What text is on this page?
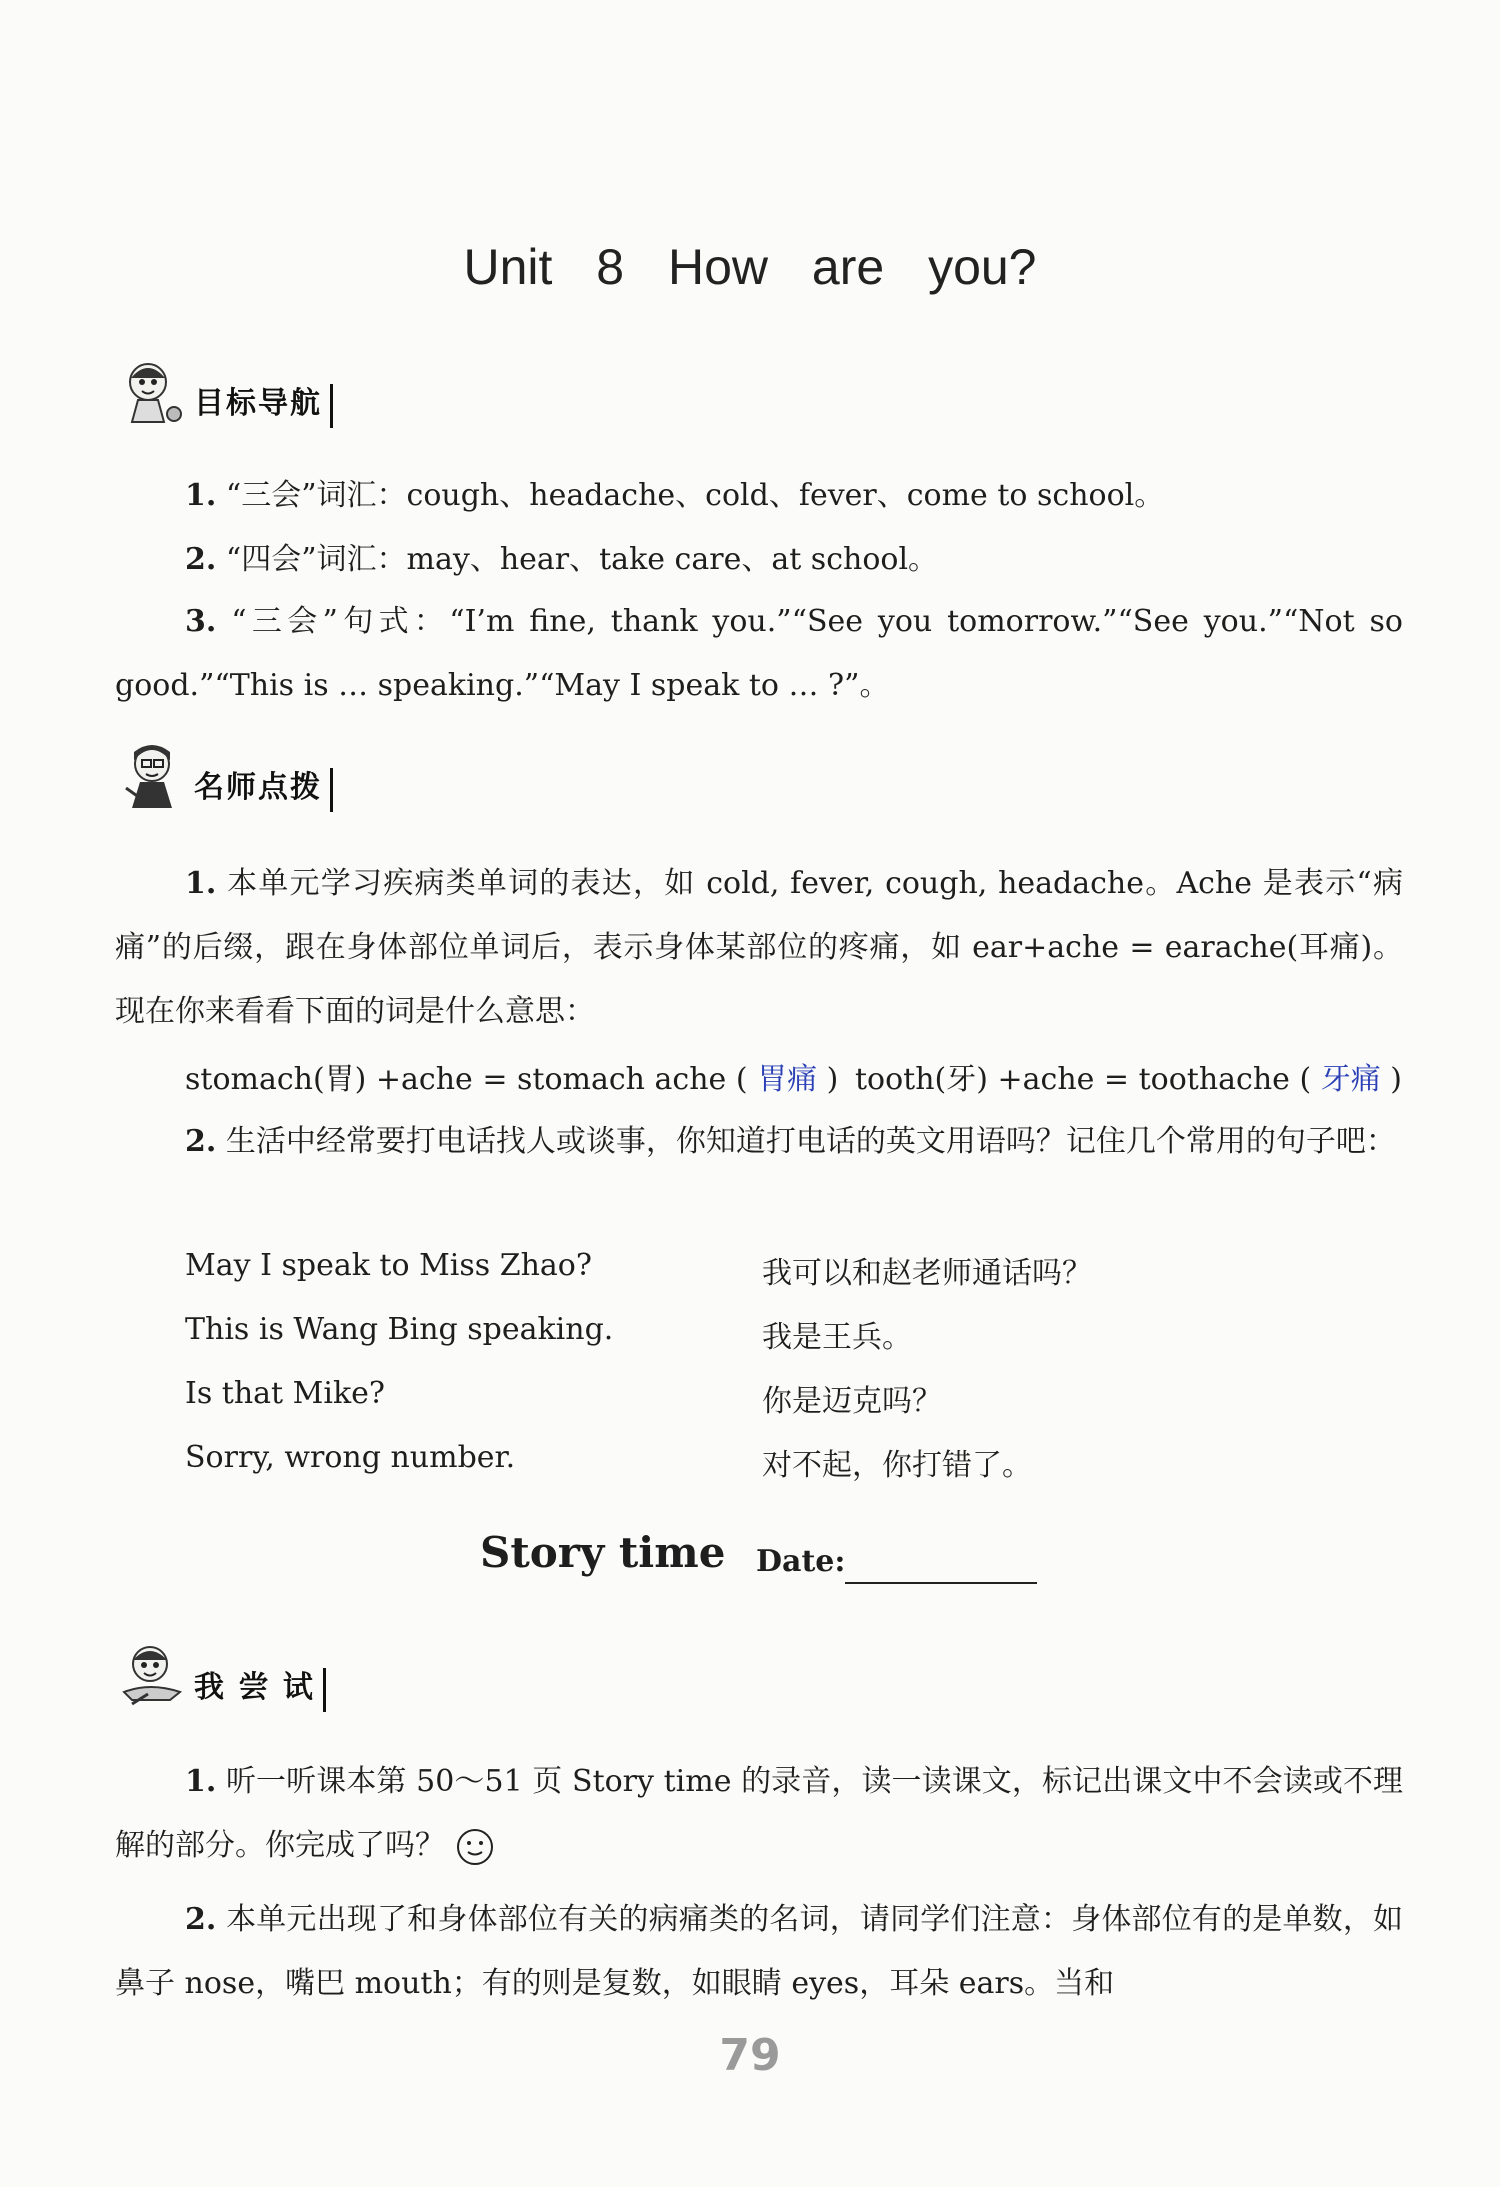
Unit 8 How are you?
目标导航
1. “三会”词汇：cough、headache、cold、fever、come to school。
2. “四会”词汇：may、hear、take care、at school。
3. “三会”句式：“I’m fine, thank you.”“See you tomorrow.”“See you.”“Not so good.”“This is … speaking.”“May I speak to … ?”。
名师点拨
1. 本单元学习疾病类单词的表达，如 cold, fever, cough, headache。Ache 是表示“病痛”的后缀，跟在身体部位单词后，表示身体某部位的疼痛，如 ear+ache = earache(耳痛)。现在你来看看下面的词是什么意思：
stomach(胃) +ache = stomach ache ( 胃痛 ) tooth(牙) +ache = toothache ( 牙痛 )
2. 生活中经常要打电话找人或谈事，你知道打电话的英文用语吗？记住几个常用的句子吧：
May I speak to Miss Zhao?	我可以和赵老师通话吗？
This is Wang Bing speaking.	我是王兵。
Is that Mike?	你是迈克吗？
Sorry, wrong number.	对不起，你打错了。
Story time Date:
我 尝 试
1. 听一听课本第 50～51 页 Story time 的录音，读一读课文，标记出课文中不会读或不理解的部分。你完成了吗？
2. 本单元出现了和身体部位有关的病痛类的名词，请同学们注意：身体部位有的是单数，如鼻子 nose，嘴巴 mouth；有的则是复数，如眼睛 eyes，耳朵 ears。当和
79
